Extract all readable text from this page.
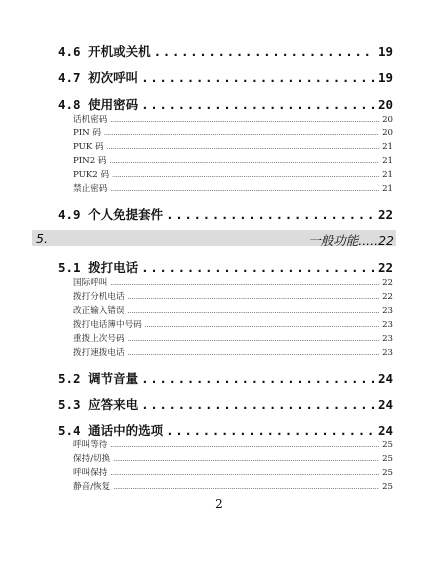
4.6 开机或关机 .....	19
4.7 初次呼叫 .....	19
4.8 使用密码 .....	20
话机密码 .....	20
PIN 码 .....	20
PUK 码 .....	21
PIN2 码 .....	21
PUK2 码 .....	21
禁止密码 .....	21
4.9 个人免提套件 .....	22
5.	一般功能.....22
5.1 拨打电话 .....	22
国际呼叫 .....	22
拨打分机电话 .....	22
改正输入错误 .....	23
拨打电话簿中号码 .....	23
重拨上次号码 .....	23
拨打速拨电话 .....	23
5.2 调节音量 .....	24
5.3 应答来电 .....	24
5.4 通话中的选项 .....	24
呼叫等待 .....	25
保持/切换 .....	25
呼叫保持 .....	25
静音/恢复 .....	25
2
